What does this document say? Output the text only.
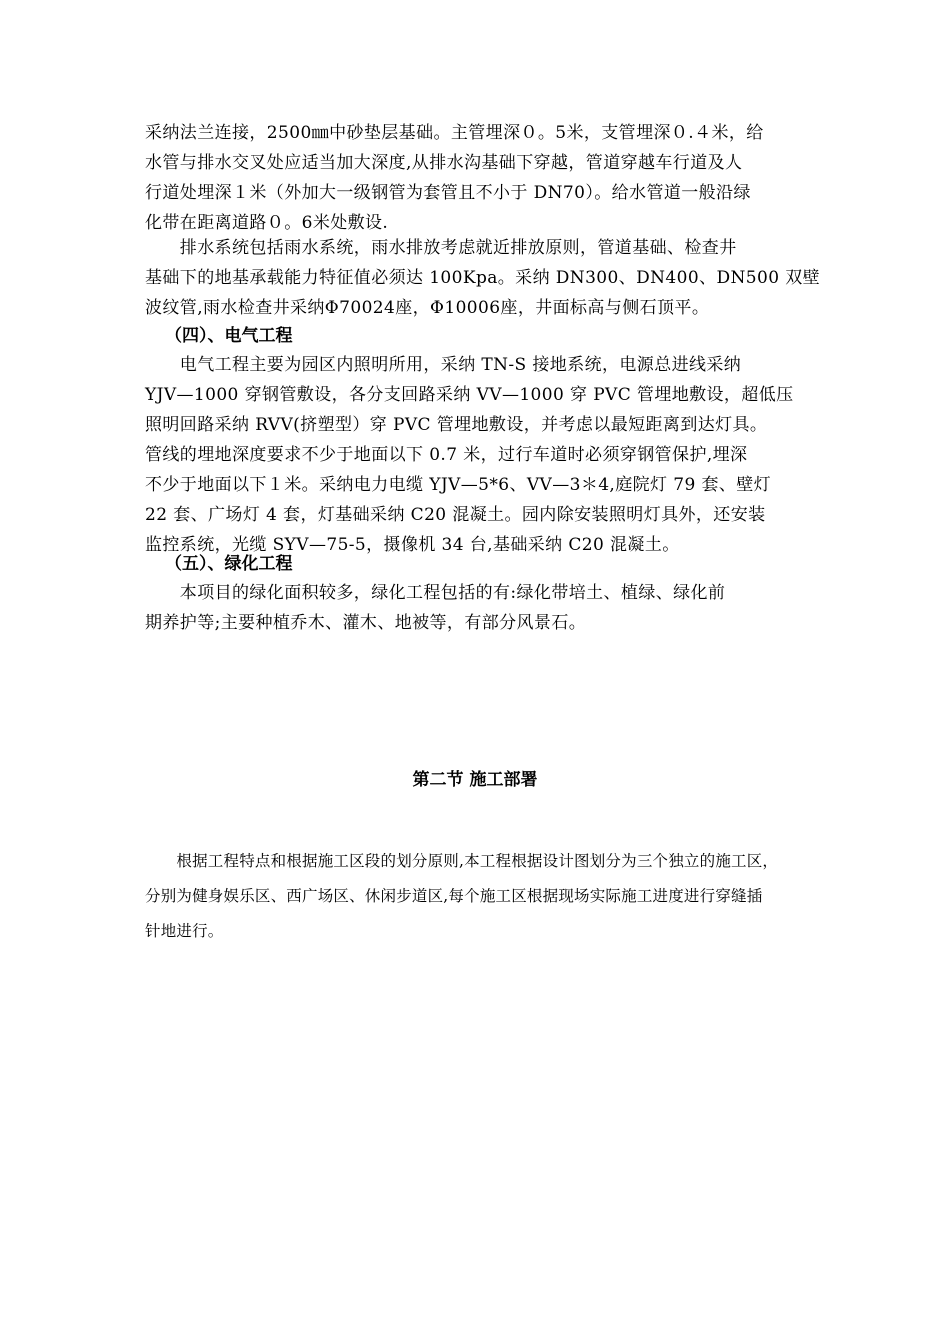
采纳法兰连接，2500㎜中砂垫层基础。主管埋深０。5米，支管埋深０.４米，给
水管与排水交叉处应适当加大深度,从排水沟基础下穿越，管道穿越车行道及人
行道处埋深１米（外加大一级钢管为套管且不小于 DN70）。给水管道一般沿绿
化带在距离道路０。6米处敷设.
　　排水系统包括雨水系统，雨水排放考虑就近排放原则，管道基础、检查井
基础下的地基承载能力特征值必须达 100Kpa。采纳 DN300、DN400、DN500 双壁
波纹管,雨水检查井采纳Φ70024座，Φ10006座，井面标高与侧石顶平。
（四）、电气工程
　　电气工程主要为园区内照明所用，采纳 TN-S 接地系统，电源总进线采纳
YJV—1000 穿钢管敷设，各分支回路采纳 VV—1000 穿 PVC 管埋地敷设，超低压
照明回路采纳 RVV(挤塑型）穿 PVC 管埋地敷设，并考虑以最短距离到达灯具。
管线的埋地深度要求不少于地面以下 0.7 米，过行车道时必须穿钢管保护,埋深
不少于地面以下１米。采纳电力电缆 YJV—5*6、VV—3＊4,庭院灯 79 套、壁灯
22 套、广场灯 4 套，灯基础采纳 C20 混凝土。园内除安装照明灯具外，还安装
监控系统，光缆 SYV—75-5，摄像机 34 台,基础采纳 C20 混凝土。
（五）、绿化工程
　　本项目的绿化面积较多，绿化工程包括的有:绿化带培土、植绿、绿化前
期养护等;主要种植乔木、灌木、地被等，有部分风景石。
第二节 施工部署
　　根据工程特点和根据施工区段的划分原则,本工程根据设计图划分为三个独立的施工区，
分别为健身娱乐区、西广场区、休闲步道区,每个施工区根据现场实际施工进度进行穿缝插
针地进行。
